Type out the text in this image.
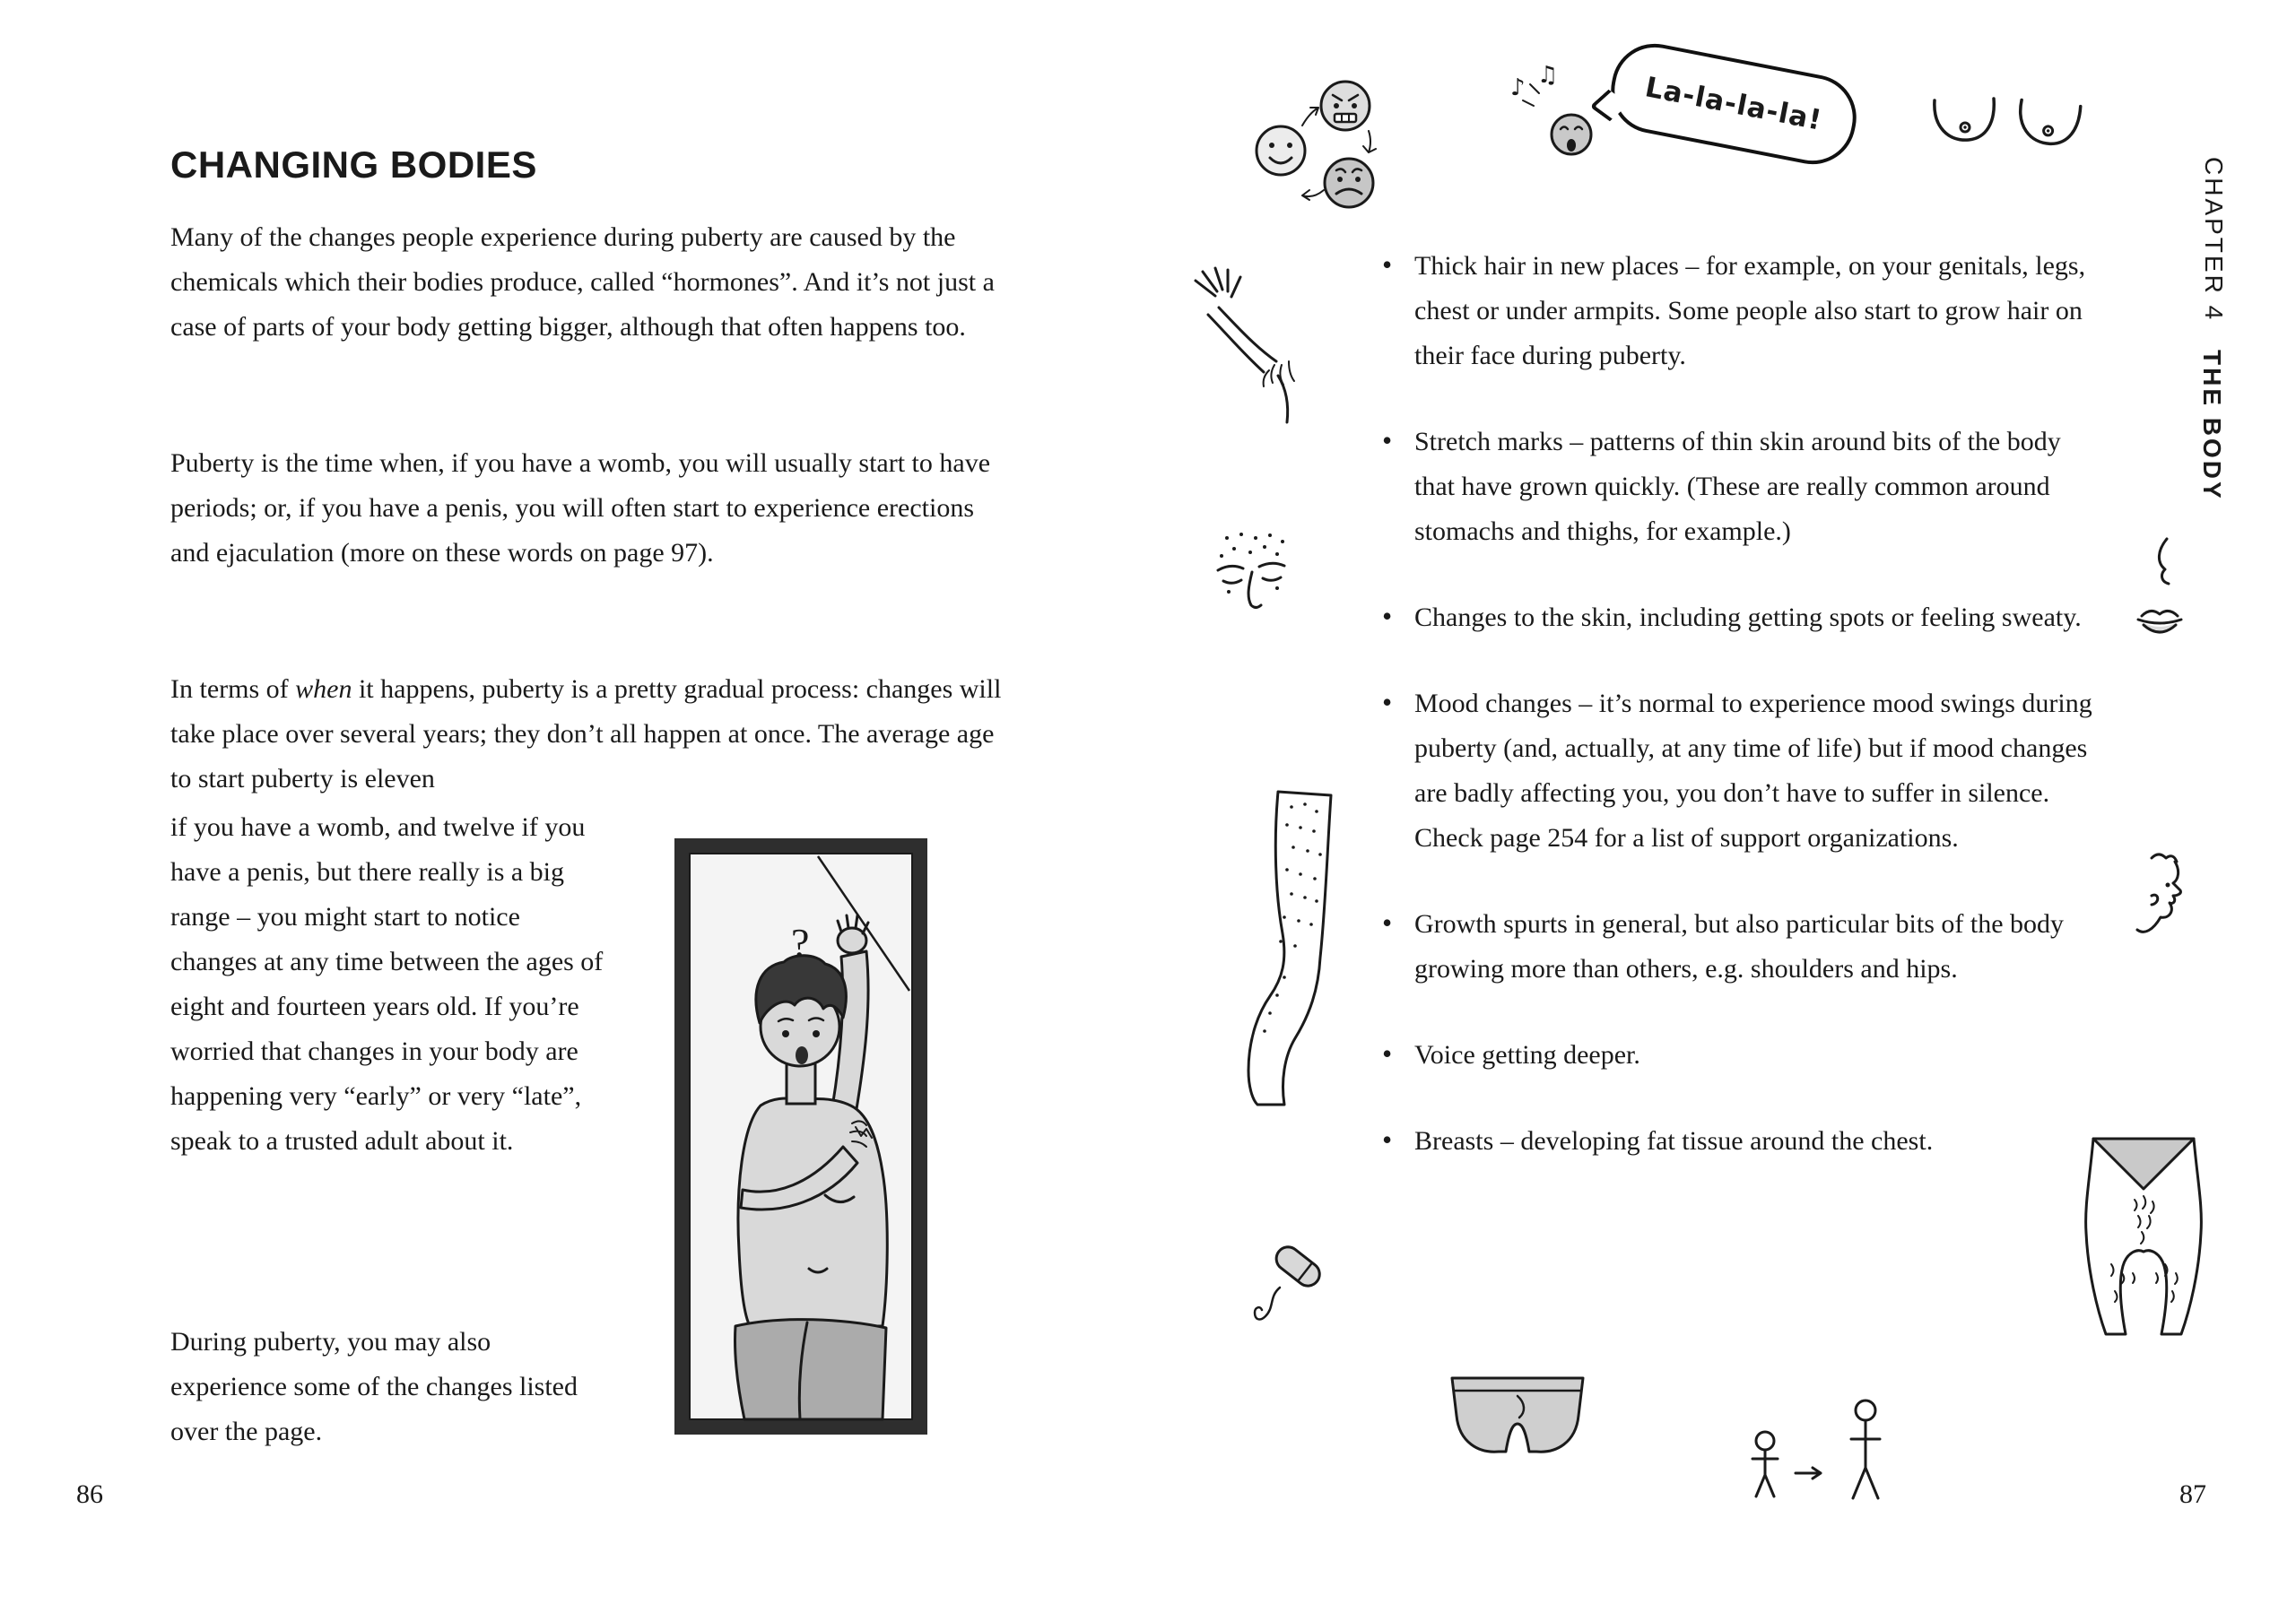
CHANGING BODIES
Many of the changes people experience during puberty are caused by the chemicals which their bodies produce, called “hormones”. And it’s not just a case of parts of your body getting bigger, although that often happens too.
Puberty is the time when, if you have a womb, you will usually start to have periods; or, if you have a penis, you will often start to experience erections and ejaculation (more on these words on page 97).
In terms of when it happens, puberty is a pretty gradual process: changes will take place over several years; they don’t all happen at once. The average age to start puberty is eleven
if you have a womb, and twelve if you have a penis, but there really is a big range – you might start to notice changes at any time between the ages of eight and fourteen years old. If you’re worried that changes in your body are happening very “early” or very “late”, speak to a trusted adult about it.
During puberty, you may also experience some of the changes listed over the page.
?
86
♪ ♫	La-la-la-la!
• Thick hair in new places – for example, on your genitals, legs, chest or under armpits. Some people also start to grow hair on their face during puberty.
• Stretch marks – patterns of thin skin around bits of the body that have grown quickly. (These are really common around stomachs and thighs, for example.)
• Changes to the skin, including getting spots or feeling sweaty.
• Mood changes – it’s normal to experience mood swings during puberty (and, actually, at any time of life) but if mood changes are badly affecting you, you don’t have to suffer in silence. Check page 254 for a list of support organizations.
• Growth spurts in general, but also particular bits of the body growing more than others, e.g. shoulders and hips.
• Voice getting deeper.
• Breasts – developing fat tissue around the chest.
CHAPTER 4
THE BODY
87
